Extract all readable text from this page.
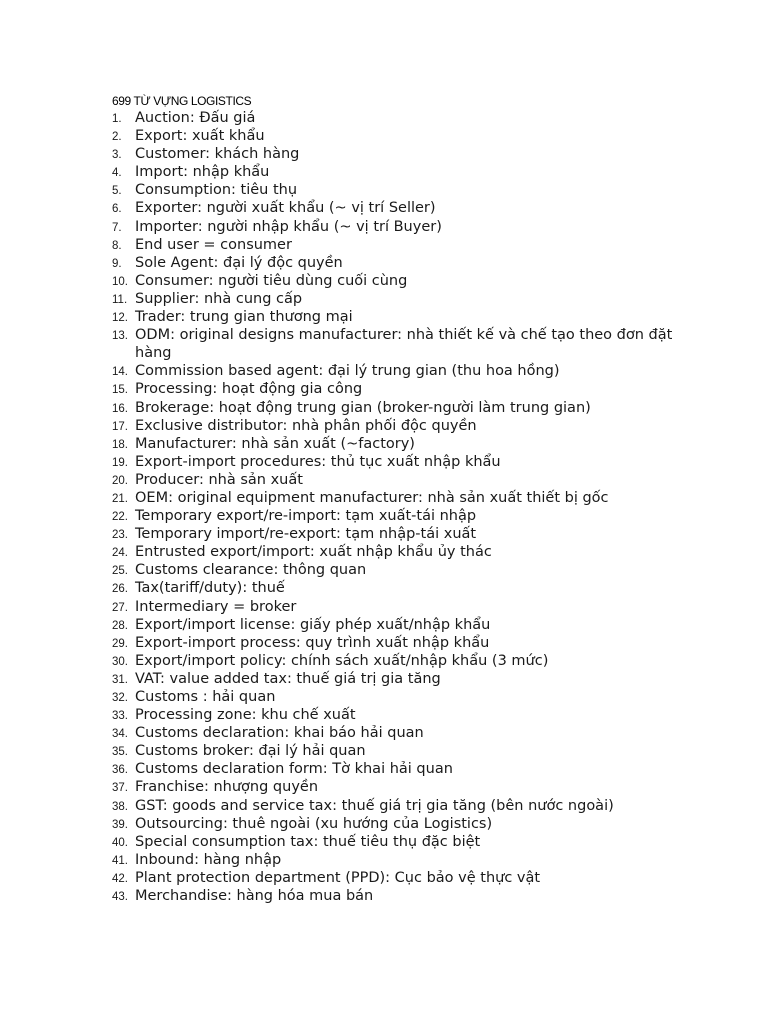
699 TỪ VỰNG LOGISTICS
1. Auction: Đấu giá
2. Export: xuất khẩu
3. Customer: khách hàng
4. Import: nhập khẩu
5. Consumption: tiêu thụ
6. Exporter: người xuất khẩu (~ vị trí Seller)
7. Importer: người nhập khẩu (~ vị trí Buyer)
8. End user = consumer
9. Sole Agent: đại lý độc quyền
10. Consumer: người tiêu dùng cuối cùng
11. Supplier: nhà cung cấp
12. Trader: trung gian thương mại
13. ODM: original designs manufacturer: nhà thiết kế và chế tạo theo đơn đặt hàng
14. Commission based agent: đại lý trung gian (thu hoa hồng)
15. Processing: hoạt động gia công
16. Brokerage: hoạt động trung gian (broker-người làm trung gian)
17. Exclusive distributor: nhà phân phối độc quyền
18. Manufacturer: nhà sản xuất (~factory)
19. Export-import procedures: thủ tục xuất nhập khẩu
20. Producer: nhà sản xuất
21. OEM: original equipment manufacturer: nhà sản xuất thiết bị gốc
22. Temporary export/re-import: tạm xuất-tái nhập
23. Temporary import/re-export: tạm nhập-tái xuất
24. Entrusted export/import: xuất nhập khẩu ủy thác
25. Customs clearance: thông quan
26. Tax(tariff/duty): thuế
27. Intermediary = broker
28. Export/import license: giấy phép xuất/nhập khẩu
29. Export-import process: quy trình xuất nhập khẩu
30. Export/import policy: chính sách xuất/nhập khẩu (3 mức)
31. VAT: value added tax: thuế giá trị gia tăng
32. Customs : hải quan
33. Processing zone: khu chế xuất
34. Customs declaration: khai báo hải quan
35. Customs broker: đại lý hải quan
36. Customs declaration form: Tờ khai hải quan
37. Franchise: nhượng quyền
38. GST: goods and service tax: thuế giá trị gia tăng (bên nước ngoài)
39. Outsourcing: thuê ngoài (xu hướng của Logistics)
40. Special consumption tax: thuế tiêu thụ đặc biệt
41. Inbound: hàng nhập
42. Plant protection department (PPD): Cục bảo vệ thực vật
43. Merchandise: hàng hóa mua bán
